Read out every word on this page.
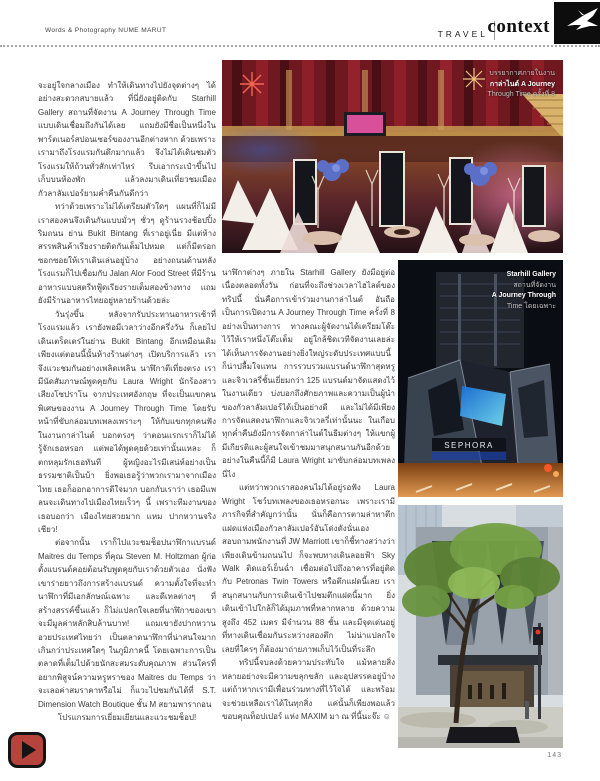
Words & Photography NUME MARUT	TRAVEL context
บรรยากาศภายในงาน
กาล่าไนต์ A Journey
Through Time ครั้งที่ 8
SEPHORA
Starhill Gallery
สถานที่จัดงาน
A Journey Through
Time โดยเฉพาะ

จะอยู่ใจกลางเมือง ทำให้เดินทางไปยังจุดต่างๆ ได้อย่างสะดวกสบายแล้ว ที่นี่ยังอยู่ติดกับ Starhill Gallery สถานที่จัดงาน A Journey Through Time แบบเดินเชื่อมถึงกันได้เลย แถมยังมีชื่อเป็นหนึ่งในพาร์ตเนอร์สปอนเซอร์ของงานอีกต่างหาก ด้วยเพราะเรามาถึงโรงแรมกันดึกมากแล้ว จึงไม่ได้เดินชมตัวโรงแรมให้ถ้วนทั่วสักเท่าไหร่ รีบเอากระเป๋าขึ้นไปเก็บบนห้องพัก แล้วลงมาเดินเที่ยวชมเมืองกัวลาลัมเปอร์ยามค่ำคืนกันดีกว่า

ทว่าด้วยเพราะไม่ได้เตรียมตัวใดๆ แผนที่ก็ไม่มี เราสองคนจึงเดินกันแบบมั่วๆ ซั่วๆ ดูร้านรวงช้อปปิ้งริมถนน ย่าน Bukit Bintang ที่เราอยู่เนี่ย มีแต่ห้างสรรพสินค้าเรียงรายติดกันเต็มไปหมด แต่ก็มีตรอกซอกซอยให้เราเดินเล่นอยู่บ้าง อย่างถนนด้านหลังโรงแรมก็ไปเชื่อมกับ Jalan Alor Food Street ที่มีร้านอาหารแบบสตรีทฟู้ดเรียงรายเต็มสองข้างทาง แถมยังมีร้านอาหารไทยอยู่หลายร้านด้วยล่ะ

วันรุ่งขึ้น หลังจากรับประทานอาหารเช้าที่โรงแรมแล้ว เรายังพอมีเวลาว่างอีกครึ่งวัน ก็เลยไปเดินเตร็ดเตร่ในย่าน Bukit Bintang อีกเหมือนเดิม เพียงแต่ตอนนี้นั้นห้างร้านต่างๆ เปิดบริการแล้ว เราจึงแวะชมกันอย่างเพลิดเพลิน นาฬิกาตีเที่ยงตรง เรามีนัดสัมภาษณ์พูดคุยกับ Laura Wright นักร้องสาวเสียงโซปราโน จากประเทศอังกฤษ ที่จะเป็นแขกคนพิเศษของงาน A Journey Through Time โดยรับหน้าที่ขับกล่อมบทเพลงเพราะๆ ให้กับแขกทุกคนฟังในงานกาล่าไนต์ บอกตรงๆ ว่าตอนแรกเราก็ไม่ได้รู้จักเธอหรอก แต่พอได้พูดคุยด้วยเท่านั้นแหละ ก็ตกหลุมรักเธอทันที ผู้หญิงอะไรมีเสน่ห์อย่างเป็นธรรมชาติเป็นบ้า ยิ่งพอเธอรู้ว่าพวกเรามาจากเมืองไทย เธอก็ออกอาการดีใจมาก บอกกับเราว่า เธอมีแพลนจะเดินทางไปเมืองไทยเร็วๆ นี้ เพราะทีมงานของเธอบอกว่า เมืองไทยสวยมาก แหม ปากหวานจริงเชียว!

ต่อจากนั้น เราก็ไปแวะชมช็อปนาฬิกาแบรนด์ Maitres du Temps ที่คุณ Steven M. Holtzman ผู้ก่อตั้งแบรนด์คอยต้อนรับพูดคุยกับเราด้วยตัวเอง นั่งฟังเขาร่ายยาวถึงการสร้างแบรนด์ ความตั้งใจที่จะทำนาฬิกาที่มีเอกลักษณ์เฉพาะ และดีเทลต่างๆ ที่สร้างสรรค์ขึ้นแล้ว ก็ไม่แปลกใจเลยที่นาฬิกาของเขาจะมีมูลค่าหลักสิบล้านบาท! แถมเขายังปากหวานอวยประเทศไทยว่า เป็นตลาดนาฬิกาที่น่าสนใจมากเกินกว่าประเทศใดๆ ในภูมิภาคนี้ โดยเฉพาะการเป็นตลาดที่เต็มไปด้วยนักสะสมระดับคุณภาพ ส่วนใครที่อยากพิสูจน์ความหรูหราของ Maitres du Temps ว่าจะเลอค่าสมราคาหรือไม่ ก็แวะไปชมกันได้ที่ S.T. Dimension Watch Boutique ชั้น M สยามพารากอน

โปรแกรมการเยี่ยมเยียนและแวะชมช็อป!

นาฬิกาต่างๆ ภายใน Starhill Gallery ยังมีอยู่ต่อเนื่องตลอดทั้งวัน ก่อนที่จะถึงช่วงเวลาไฮไลต์ของทริปนี้ นั่นคือการเข้าร่วมงานกาล่าไนต์ อันถือเป็นการเปิดงาน A Journey Through Time ครั้งที่ 8 อย่างเป็นทางการ ทางคณะผู้จัดงานได้เตรียมโต๊ะไว้ให้เราหนึ่งโต๊ะเต็ม อยู่ใกล้ชิดเวทีจัดงานเลยล่ะ ได้เห็นการจัดงานอย่างยิ่งใหญ่ระดับประเทศแบบนี้ ก็น่าปลื้มใจแทน การรวบรวมแบรนด์นาฬิกาสุดหรูและจิวเวลรี่ชั้นเยี่ยมกว่า 125 แบรนด์มาจัดแสดงไว้ในงานเดียว บ่งบอกถึงศักยภาพและความเป็นผู้นำของกัวลาลัมเปอร์ได้เป็นอย่างดี และไม่ได้มีเพียงการจัดแสดงนาฬิกาและจิวเวลรี่เท่านั้นนะ ในเกือบทุกค่ำคืนยังมีการจัดกาล่าไนต์ในธีมต่างๆ ให้แขกผู้มีเกียรติและผู้สนใจเข้าชมมาสนุกสนานกันอีกด้วย อย่างในคืนนี้ก็มี Laura Wright มาขับกล่อมบทเพลงนี่ไง

แต่ทว่าพวกเราสองคนไม่ได้อยู่รอฟัง Laura Wright โชว์บทเพลงของเธอหรอกนะ เพราะเรามีภารกิจที่สำคัญกว่านั้น นั่นก็คือการตามล่าหาตึกแฝดแห่งเมืองกัวลาลัมเปอร์อันโด่งดังนั่นเอง สอบถามพนักงานที่ JW Marriott เขาก็ชี้ทางสว่างว่าเพียงเดินข้ามถนนไป ก็จะพบทางเดินลอยฟ้า Sky Walk ติดแอร์เย็นฉ่ำ เชื่อมต่อไปถึงอาคารที่อยู่ติดกับ Petronas Twin Towers หรือตึกแฝดนี้เลย เราสนุกสนานกับการเดินเข้าไปชมตึกแฝดนี้มาก ยิ่งเดินเข้าไปใกล้ก็ได้มุมภาพที่หลากหลาย ด้วยความสูงถึง 452 เมตร มีจำนวน 88 ชั้น และมีจุดเด่นอยู่ที่ทางเดินเชื่อมกันระหว่างสองตึก ไม่น่าแปลกใจเลยที่ใครๆ ก็ต้องมาถ่ายภาพเก็บไว้เป็นที่ระลึก

ทริปนี้จบลงด้วยความประทับใจ แม้หลายสิ่งหลายอย่างจะมีความขลุกขลัก และอุปสรรคอยู่บ้าง แต่ถ้าหากเรามีเพื่อนร่วมทางที่ไว้ใจได้ และพร้อมจะช่วยเหลือเราได้ในทุกสิ่ง แค่นั้นก็เพียงพอแล้ว ขอบคุณท็อปเปอร์ แห่ง MAXIM มา ณ ที่นี้นะจ๊ะ ☺

143
